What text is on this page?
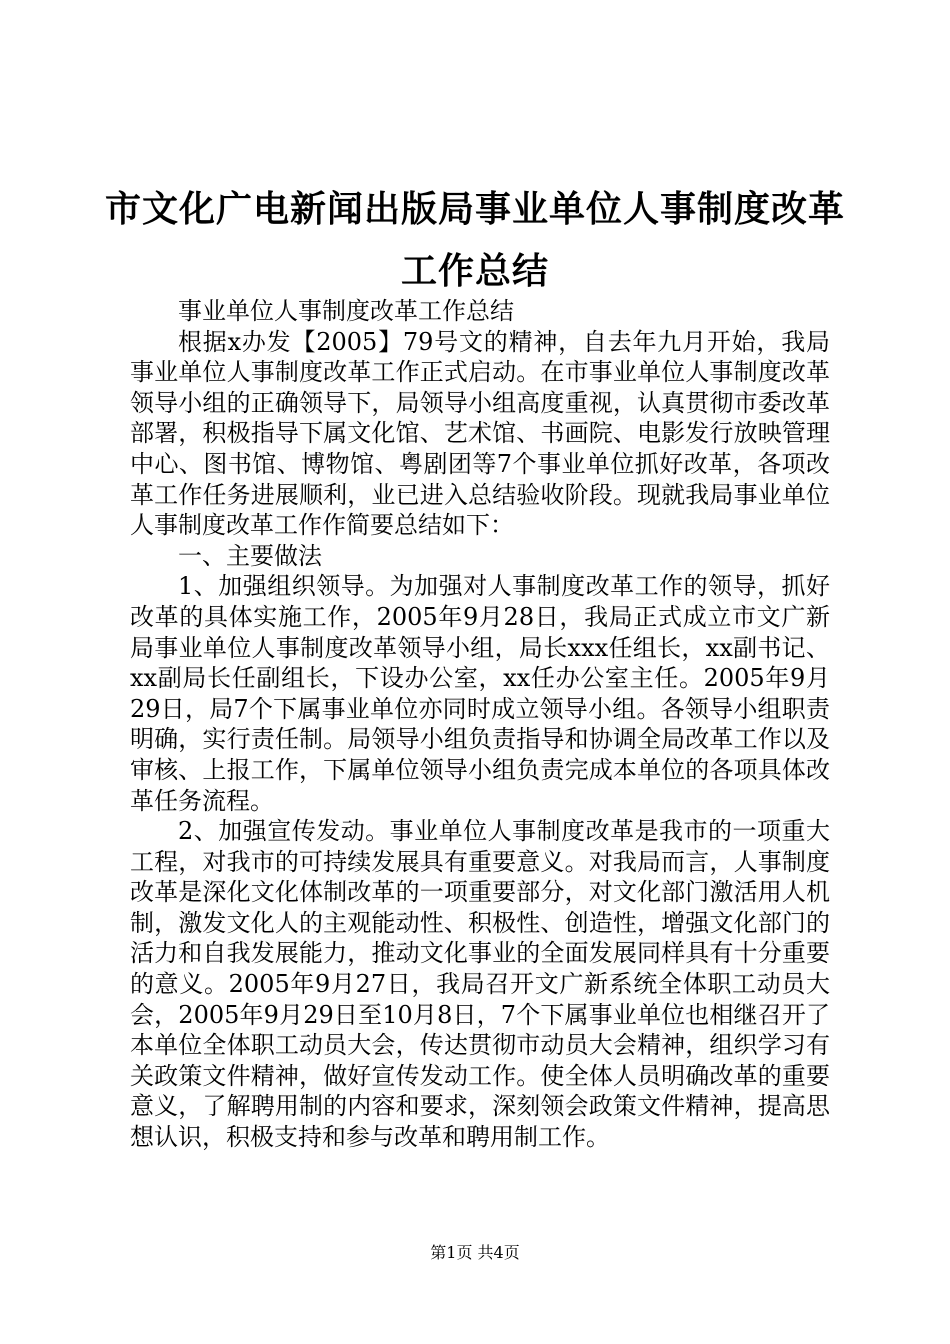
市文化广电新闻出版局事业单位人事制度改革
工作总结

事业单位人事制度改革工作总结

根据x办发【2005】79号文的精神，自去年九月开始，我局事业单位人事制度改革工作正式启动。在市事业单位人事制度改革领导小组的正确领导下，局领导小组高度重视，认真贯彻市委改革部署，积极指导下属文化馆、艺术馆、书画院、电影发行放映管理中心、图书馆、博物馆、粤剧团等7个事业单位抓好改革，各项改革工作任务进展顺利，业已进入总结验收阶段。现就我局事业单位人事制度改革工作作简要总结如下：

一、主要做法

1、加强组织领导。为加强对人事制度改革工作的领导，抓好改革的具体实施工作，2005年9月28日，我局正式成立市文广新局事业单位人事制度改革领导小组，局长xxx任组长，xx副书记、xx副局长任副组长，下设办公室，xx任办公室主任。2005年9月29日，局7个下属事业单位亦同时成立领导小组。各领导小组职责明确，实行责任制。局领导小组负责指导和协调全局改革工作以及审核、上报工作，下属单位领导小组负责完成本单位的各项具体改革任务流程。

2、加强宣传发动。事业单位人事制度改革是我市的一项重大工程，对我市的可持续发展具有重要意义。对我局而言，人事制度改革是深化文化体制改革的一项重要部分，对文化部门激活用人机制，激发文化人的主观能动性、积极性、创造性，增强文化部门的活力和自我发展能力，推动文化事业的全面发展同样具有十分重要的意义。2005年9月27日，我局召开文广新系统全体职工动员大会，2005年9月29日至10月8日，7个下属事业单位也相继召开了本单位全体职工动员大会，传达贯彻市动员大会精神，组织学习有关政策文件精神，做好宣传发动工作。使全体人员明确改革的重要意义，了解聘用制的内容和要求，深刻领会政策文件精神，提高思想认识，积极支持和参与改革和聘用制工作。

第1页 共4页
